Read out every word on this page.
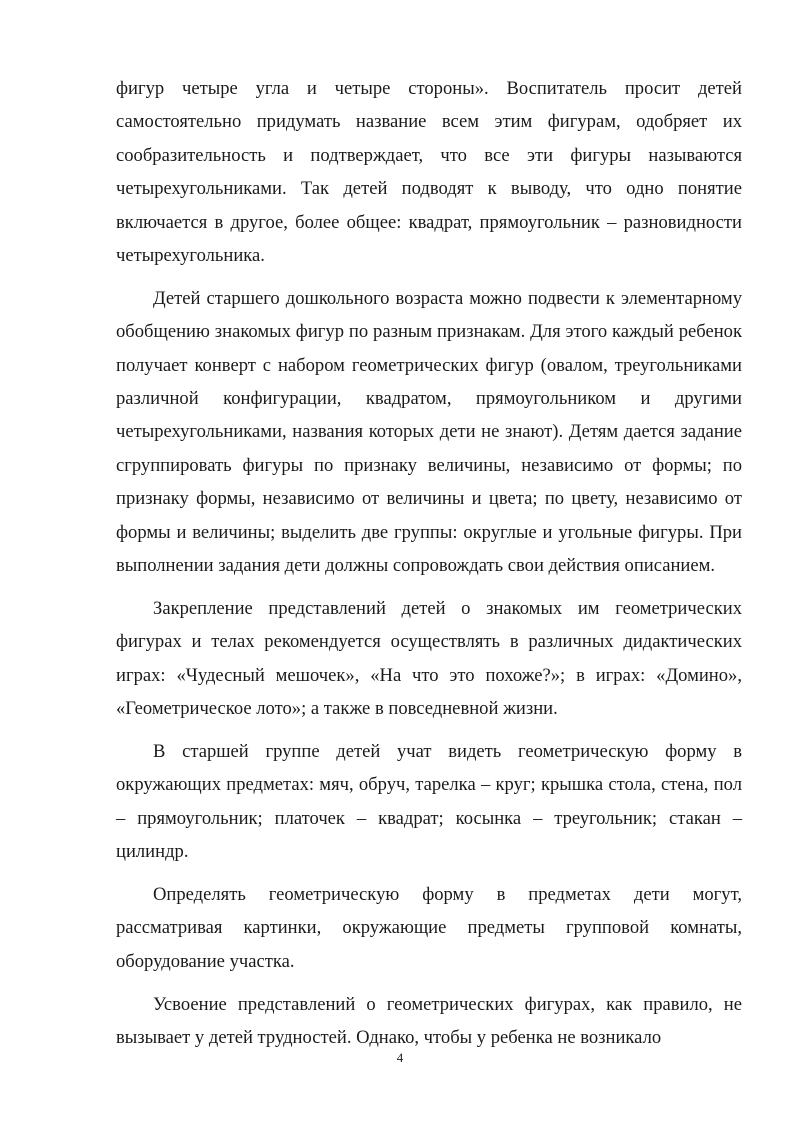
фигур четыре угла и четыре стороны». Воспитатель просит детей самостоятельно придумать название всем этим фигурам, одобряет их сообразительность и подтверждает, что все эти фигуры называются четырехугольниками. Так детей подводят к выводу, что одно понятие включается в другое, более общее: квадрат, прямоугольник – разновидности четырехугольника.

Детей старшего дошкольного возраста можно подвести к элементарному обобщению знакомых фигур по разным признакам. Для этого каждый ребенок получает конверт с набором геометрических фигур (овалом, треугольниками различной конфигурации, квадратом, прямоугольником и другими четырехугольниками, названия которых дети не знают). Детям дается задание сгруппировать фигуры по признаку величины, независимо от формы; по признаку формы, независимо от величины и цвета; по цвету, независимо от формы и величины; выделить две группы: округлые и угольные фигуры. При выполнении задания дети должны сопровождать свои действия описанием.

Закрепление представлений детей о знакомых им геометрических фигурах и телах рекомендуется осуществлять в различных дидактических играх: «Чудесный мешочек», «На что это похоже?»; в играх: «Домино», «Геометрическое лото»; а также в повседневной жизни.

В старшей группе детей учат видеть геометрическую форму в окружающих предметах: мяч, обруч, тарелка – круг; крышка стола, стена, пол – прямоугольник; платочек – квадрат; косынка – треугольник; стакан – цилиндр.

Определять геометрическую форму в предметах дети могут, рассматривая картинки, окружающие предметы групповой комнаты, оборудование участка.

Усвоение представлений о геометрических фигурах, как правило, не вызывает у детей трудностей. Однако, чтобы у ребенка не возникало

4
